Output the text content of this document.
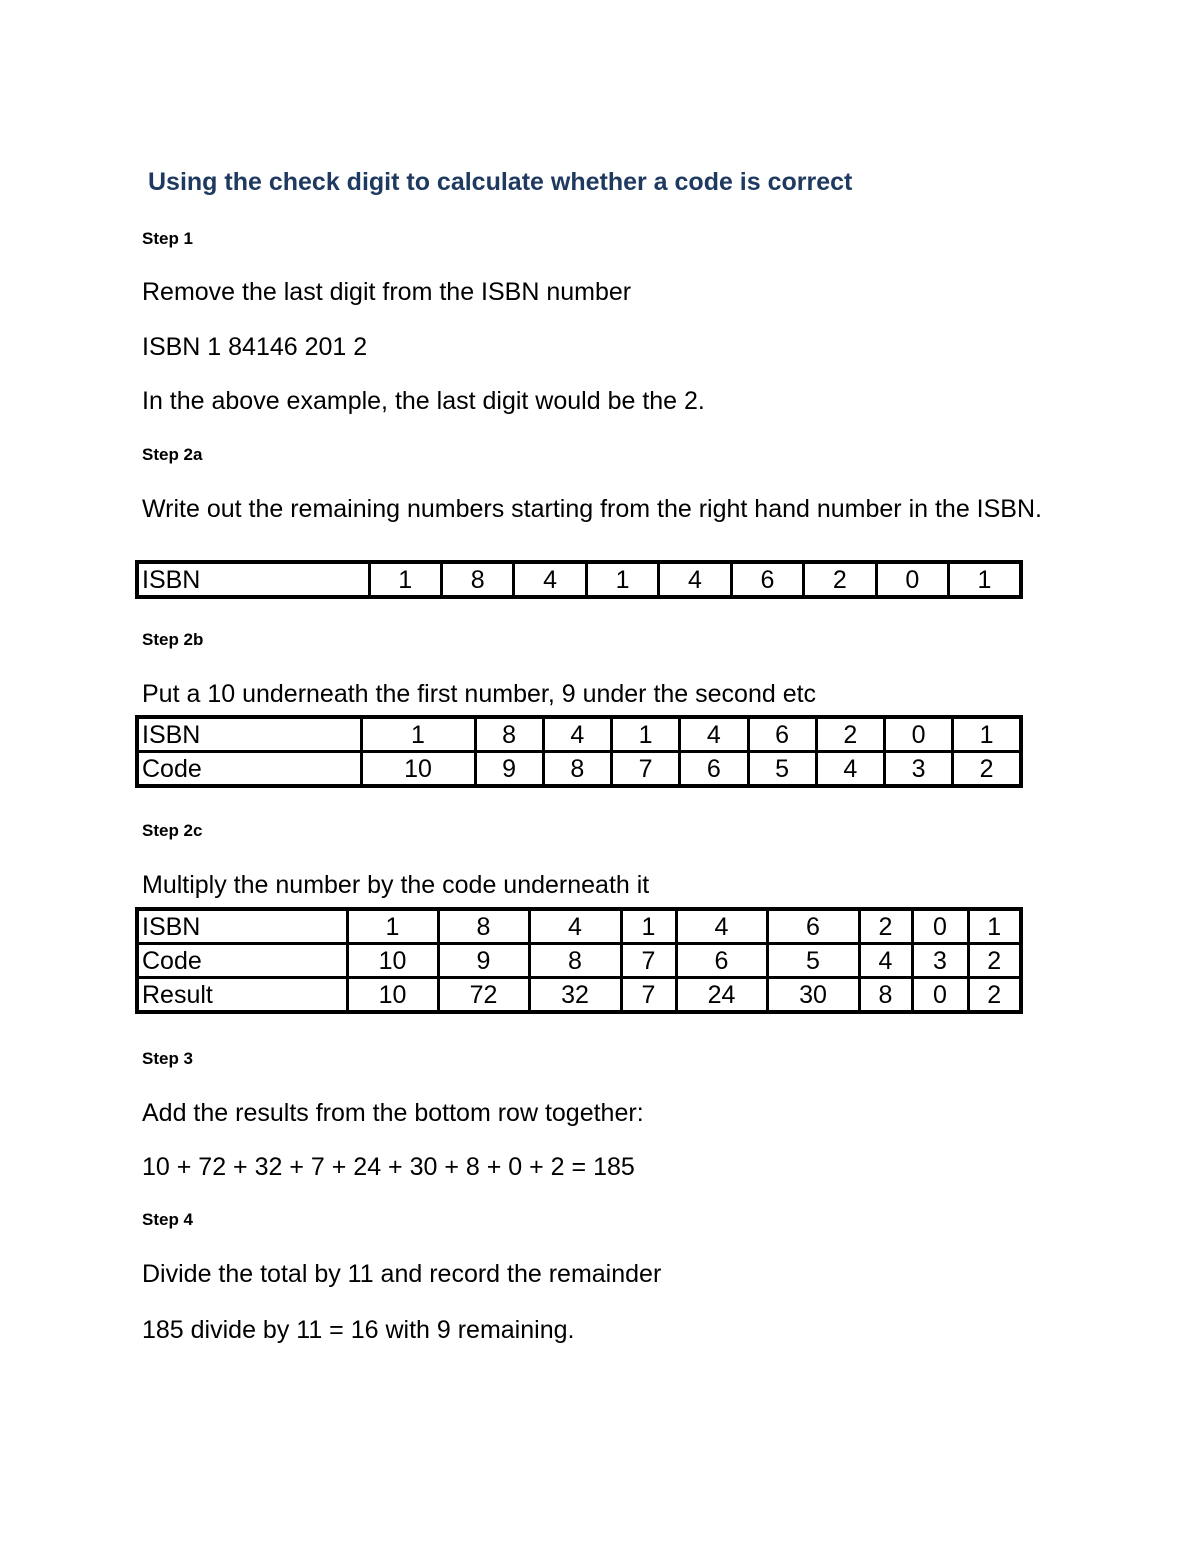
Using the check digit to calculate whether a code is correct
Step 1
Remove the last digit from the ISBN number
ISBN 1 84146 201 2
In the above example, the last digit would be the 2.
Step 2a
Write out the remaining numbers starting from the right hand number in the ISBN.
ISBN	1	8	4	1	4	6	2	0	1
Step 2b
Put a 10 underneath the first number, 9 under the second etc
ISBN	1	8	4	1	4	6	2	0	1
Code	10	9	8	7	6	5	4	3	2
Step 2c
Multiply the number by the code underneath it
ISBN	1	8	4	1	4	6	2	0	1
Code	10	9	8	7	6	5	4	3	2
Result	10	72	32	7	24	30	8	0	2
Step 3
Add the results from the bottom row together:
10 + 72 + 32 + 7 + 24 + 30 + 8 + 0 + 2 = 185
Step 4
Divide the total by 11 and record the remainder
185 divide by 11 = 16 with 9 remaining.
